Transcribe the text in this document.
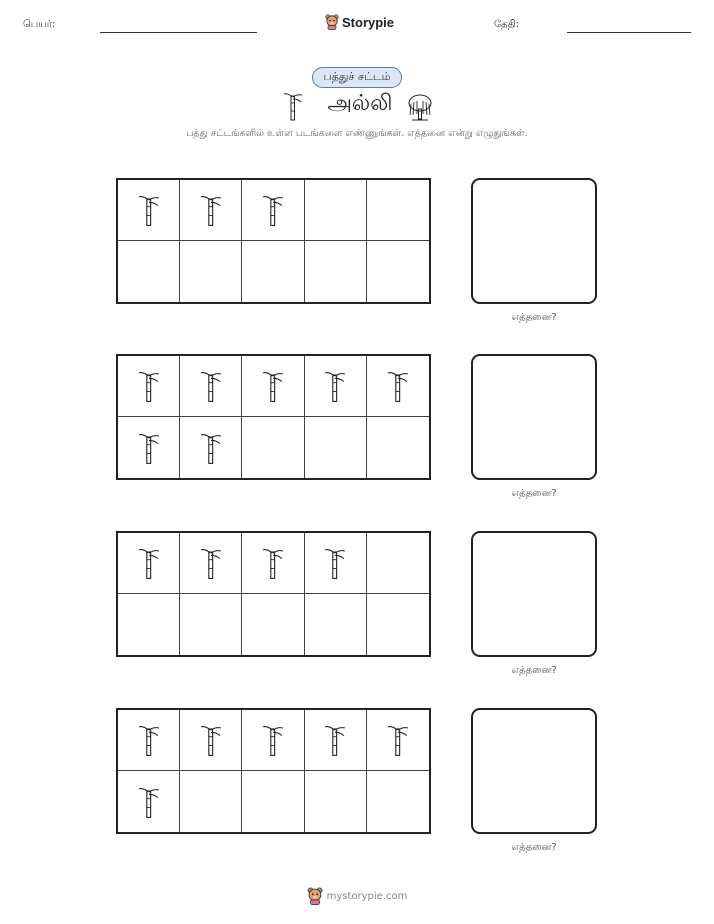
பெயர்:	Storypie	தேதி:
பத்துச் சட்டம்
அல்லி
பத்து சட்டங்களில் உள்ள படங்களை எண்ணுங்கள். எத்தனை என்று எழுதுங்கள்.
எத்தனை?
எத்தனை?
எத்தனை?
எத்தனை?
mystorypie.com
